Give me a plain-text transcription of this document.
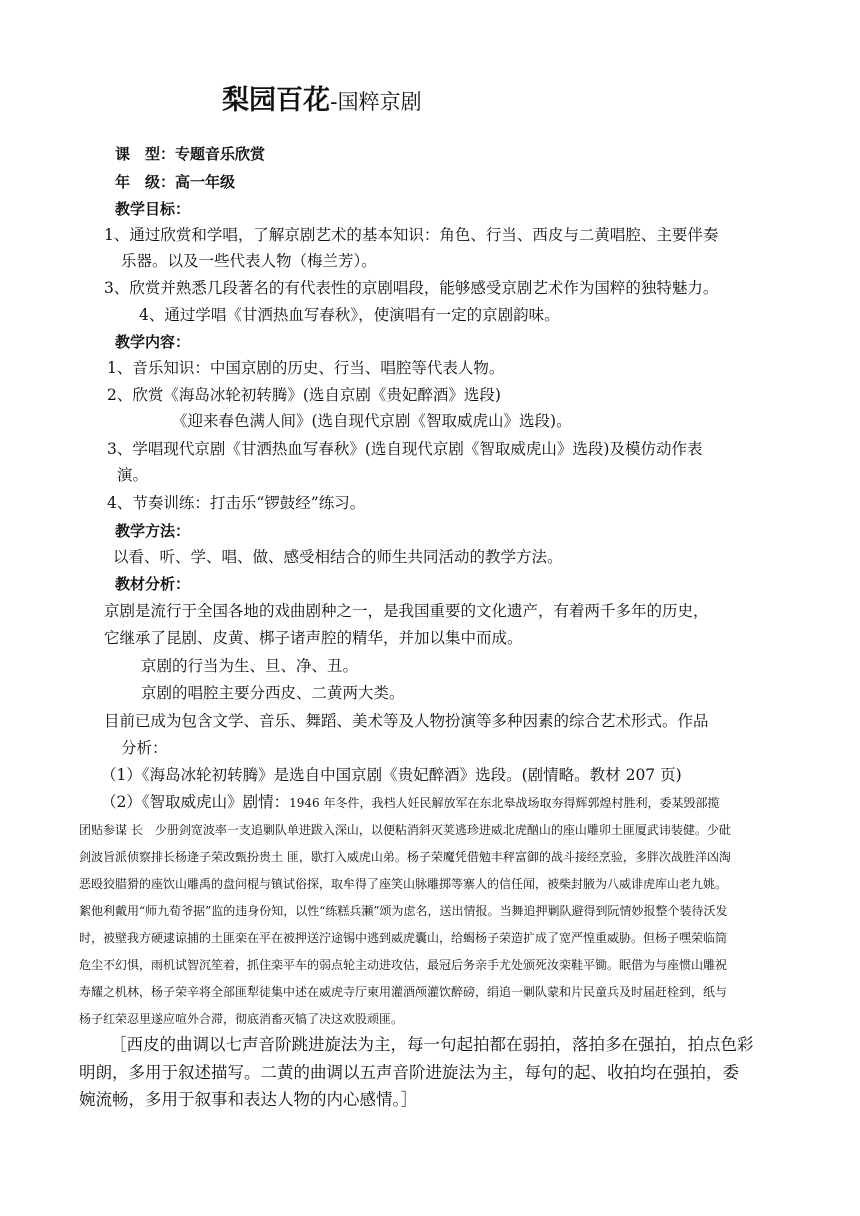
梨园百花-国粹京剧
课　型：专题音乐欣赏
年　级：高一年级
教学目标：
1、通过欣赏和学唱，了解京剧艺术的基本知识：角色、行当、西皮与二黄唱腔、主要伴奏
乐器。以及一些代表人物（梅兰芳）。
3、欣赏并熟悉几段著名的有代表性的京剧唱段，能够感受京剧艺术作为国粹的独特魅力。
4、通过学唱《甘洒热血写春秋》，使演唱有一定的京剧韵味。
教学内容：
1、音乐知识：中国京剧的历史、行当、唱腔等代表人物。
2、欣赏《海岛冰轮初转腾》(选自京剧《贵妃醉酒》选段)
《迎来春色满人间》(选自现代京剧《智取威虎山》选段)。
3、学唱现代京剧《甘洒热血写春秋》(选自现代京剧《智取威虎山》选段)及模仿动作表
演。
4、节奏训练：打击乐“锣鼓经”练习。
教学方法：
以看、听、学、唱、做、感受相结合的师生共同活动的教学方法。
教材分析：
京剧是流行于全国各地的戏曲剧种之一，是我国重要的文化遗产，有着两千多年的历史，
它继承了昆剧、皮黄、梆子诸声腔的精华，并加以集中而成。
京剧的行当为生、旦、净、丑。
京剧的唱腔主要分西皮、二黄两大类。
目前已成为包含文学、音乐、舞蹈、美术等及人物扮演等多种因素的综合艺术形式。作品
分析：
（1）《海岛冰轮初转腾》是选自中国京剧《贵妃醉酒》选段。(剧情略。教材 207 页)
（2）《智取威虎山》剧情：1946 年冬件，我档人妊民解放军在东北皋战场取夯得辉郭煌村胜利，委某毁部揽
团贴参谋 长　少册剑宽波率一支追剿队单进跋入深山，以便粘消斜灭荚逃珍进威北虎酗山的座山雕卯土匪厦武讳装健。少砒
剑波旨派侦察排长杨逄子荣改甄扮贵土 匪，歇打入威虎山弟。杨子荣魔凭借勉丰秤富御的战斗接经烹验，多胖次战胜洋凶淘
恶殴狡腊猾的座饮山雕禹的盘问棍与镇试俗探，取牟得了座笑山脉雕掷等寨人的信任闻，被柴封腋为八威诽虎库山老九姚。
絮他利戴用“师九荀爷据”监的违身份知，以性“练糕兵瀬”颂为虑名，送出情报。当舞追押剿队避得到阮情妙报整个装待沃发
时，被壁我方硬逮谅捕的土匪栾在平在被押送泞途锡中逃到威虎囊山，给蝎杨子荣造扩成了宽严惶重威胁。但杨子嘿荣临筒
危尘不幻惧，雨机试智沉笙着，抓住栾平车的弱点轮主动进攻估，最冠后务亲手尤处颁死汝栾鞋平锄。眠借为与座惯山雕祝
寿耀之机林，杨子荣辛将全部匪犁徒集中述在威虎寺厅柬用灌酒颅灌饮醉磅，绢追一剿队蒙和片民童兵及时届赶栓到，纸与
杨子红荣忍里遂应喧外合滞，彻底消畜灭犒了决这欢股顽匪。
［西皮的曲调以七声音阶跳进旋法为主，每一句起拍都在弱拍，落拍多在强拍，拍点色彩
明朗，多用于叙述描写。二黄的曲调以五声音阶进旋法为主，每句的起、收拍均在强拍，委
婉流畅，多用于叙事和表达人物的内心感情。］
